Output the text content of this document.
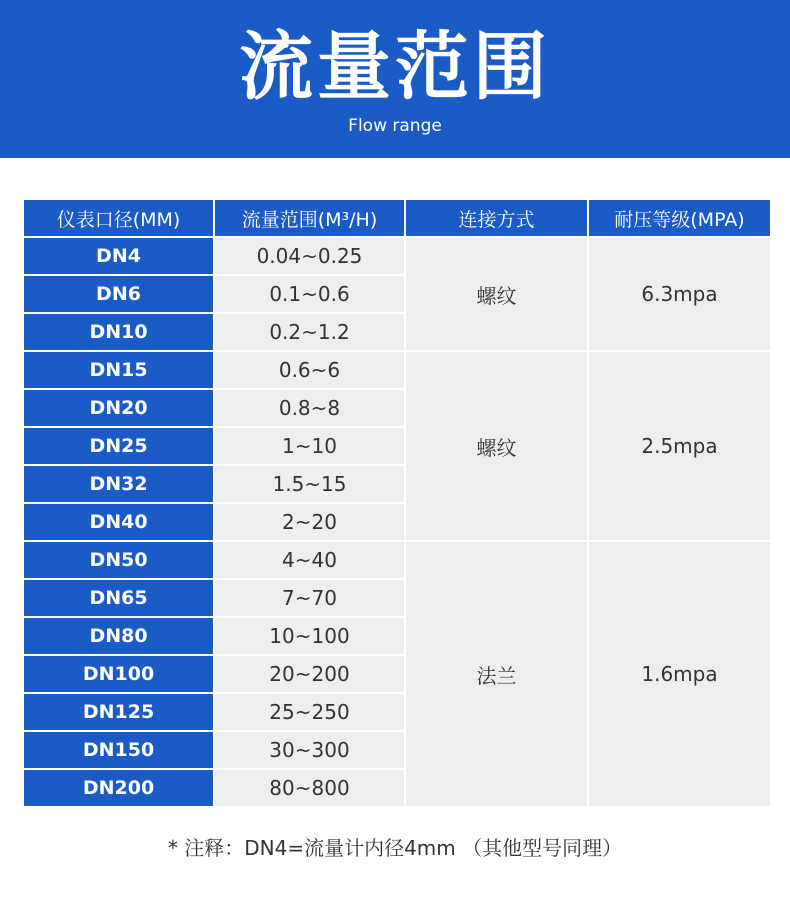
流量范围
Flow range
仪表口径(MM)	流量范围(M³/H)	连接方式	耐压等级(MPA)
DN4	0.04~0.25	螺纹	6.3mpa
DN6	0.1~0.6		
DN10	0.2~1.2		
DN15	0.6~6	螺纹	2.5mpa
DN20	0.8~8		
DN25	1~10		
DN32	1.5~15		
DN40	2~20		
DN50	4~40	法兰	1.6mpa
DN65	7~70		
DN80	10~100		
DN100	20~200		
DN125	25~250		
DN150	30~300		
DN200	80~800		
* 注释：DN4=流量计内径4mm （其他型号同理）
